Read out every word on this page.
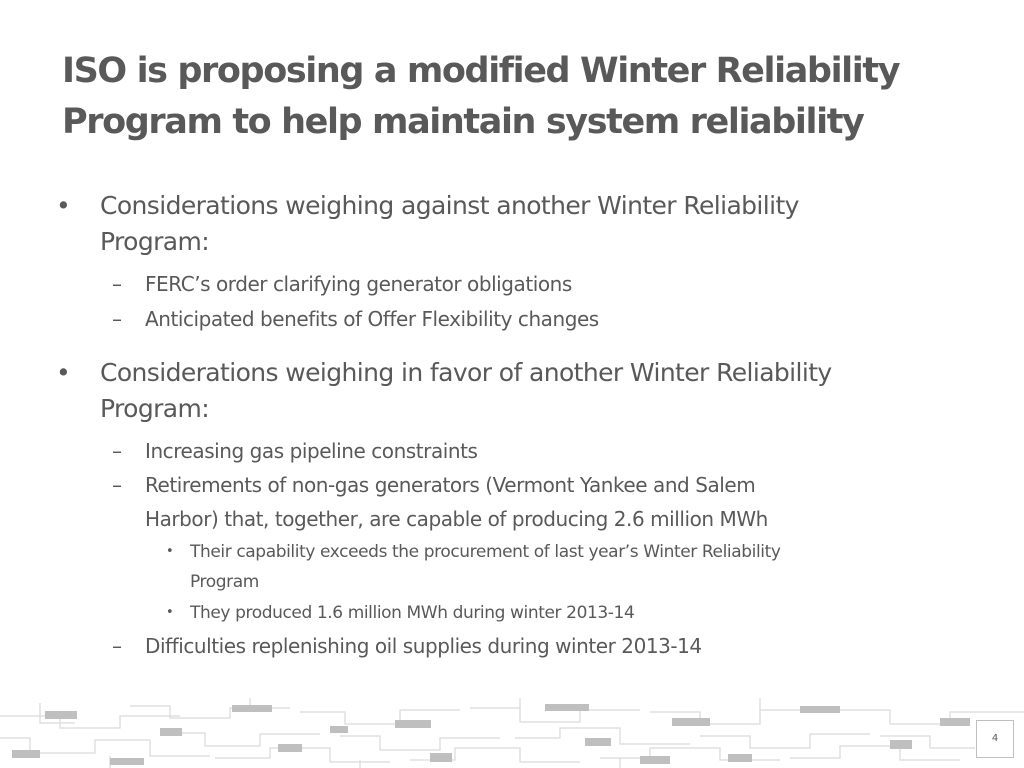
ISO is proposing a modified Winter Reliability
Program to help maintain system reliability
•	Considerations weighing against another Winter Reliability
Program:
– FERC’s order clarifying generator obligations
– Anticipated benefits of Offer Flexibility changes
•	Considerations weighing in favor of another Winter Reliability
Program:
– Increasing gas pipeline constraints
– Retirements of non-gas generators (Vermont Yankee and Salem
Harbor) that, together, are capable of producing 2.6 million MWh
• Their capability exceeds the procurement of last year’s Winter Reliability
Program
• They produced 1.6 million MWh during winter 2013-14
– Difficulties replenishing oil supplies during winter 2013-14
4
